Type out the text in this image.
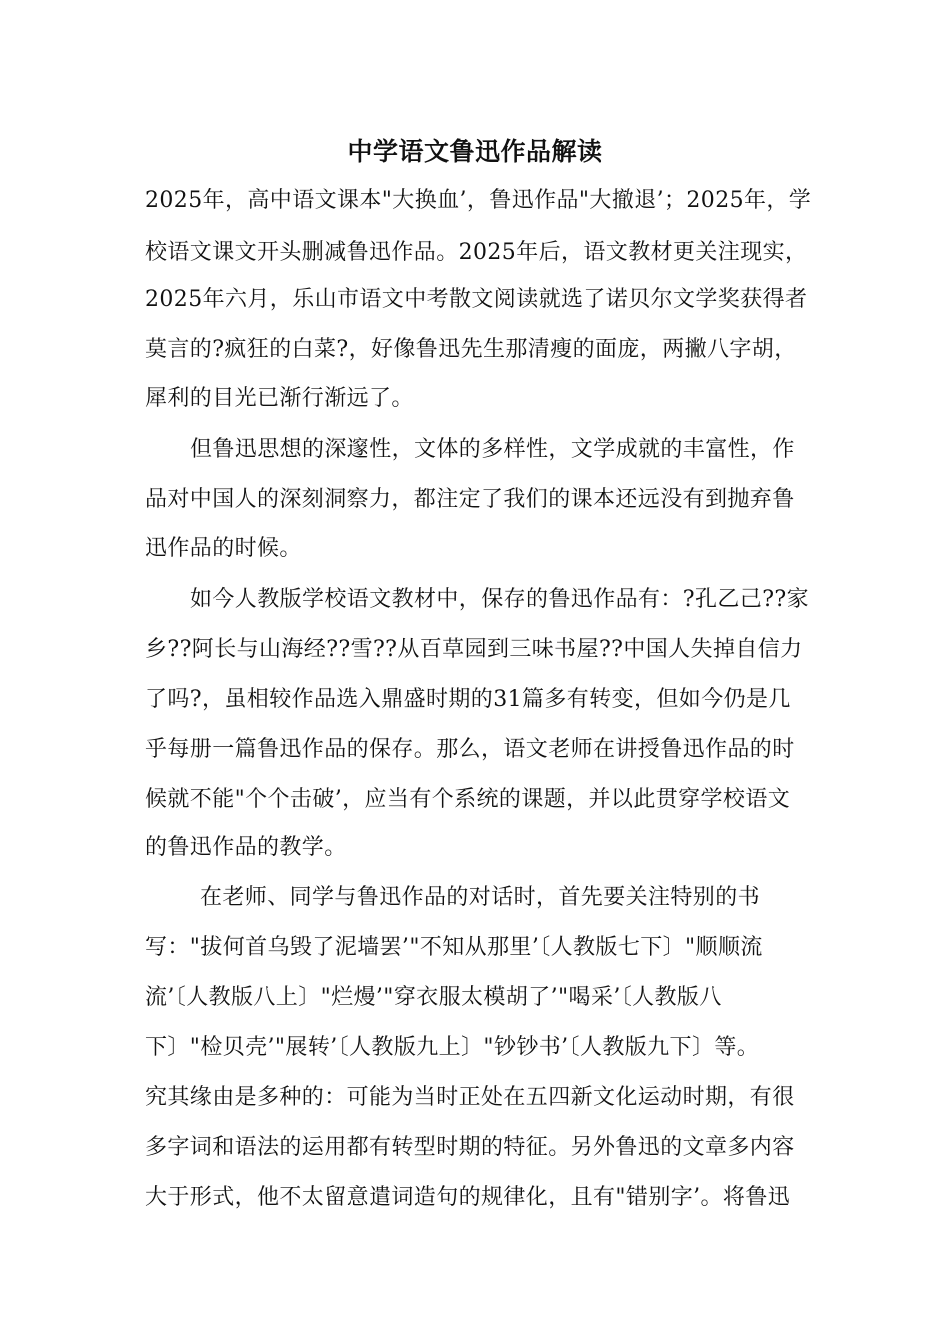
中学语文鲁迅作品解读
2025年，高中语文课本"大换血’，鲁迅作品"大撤退’；2025年，学
校语文课文开头删减鲁迅作品。2025年后，语文教材更关注现实，
2025年六月，乐山市语文中考散文阅读就选了诺贝尔文学奖获得者
莫言的?疯狂的白菜?，好像鲁迅先生那清瘦的面庞，两撇八字胡，
犀利的目光已渐行渐远了。
但鲁迅思想的深邃性，文体的多样性，文学成就的丰富性，作
品对中国人的深刻洞察力，都注定了我们的课本还远没有到抛弃鲁
迅作品的时候。
如今人教版学校语文教材中，保存的鲁迅作品有：?孔乙己??家
乡??阿长与山海经??雪??从百草园到三味书屋??中国人失掉自信力
了吗?，虽相较作品选入鼎盛时期的31篇多有转变，但如今仍是几
乎每册一篇鲁迅作品的保存。那么，语文老师在讲授鲁迅作品的时
候就不能"个个击破’，应当有个系统的课题，并以此贯穿学校语文
的鲁迅作品的教学。
在老师、同学与鲁迅作品的对话时，首先要关注特别的书
写："拔何首乌毁了泥墙罢’"不知从那里’〔人教版七下〕"顺顺流
流’〔人教版八上〕"烂熳’"穿衣服太模胡了’"喝采’〔人教版八
下〕"检贝壳’"展转’〔人教版九上〕"钞钞书’〔人教版九下〕等。
究其缘由是多种的：可能为当时正处在五四新文化运动时期，有很
多字词和语法的运用都有转型时期的特征。另外鲁迅的文章多内容
大于形式，他不太留意遣词造句的规律化，且有"错别字’。将鲁迅
